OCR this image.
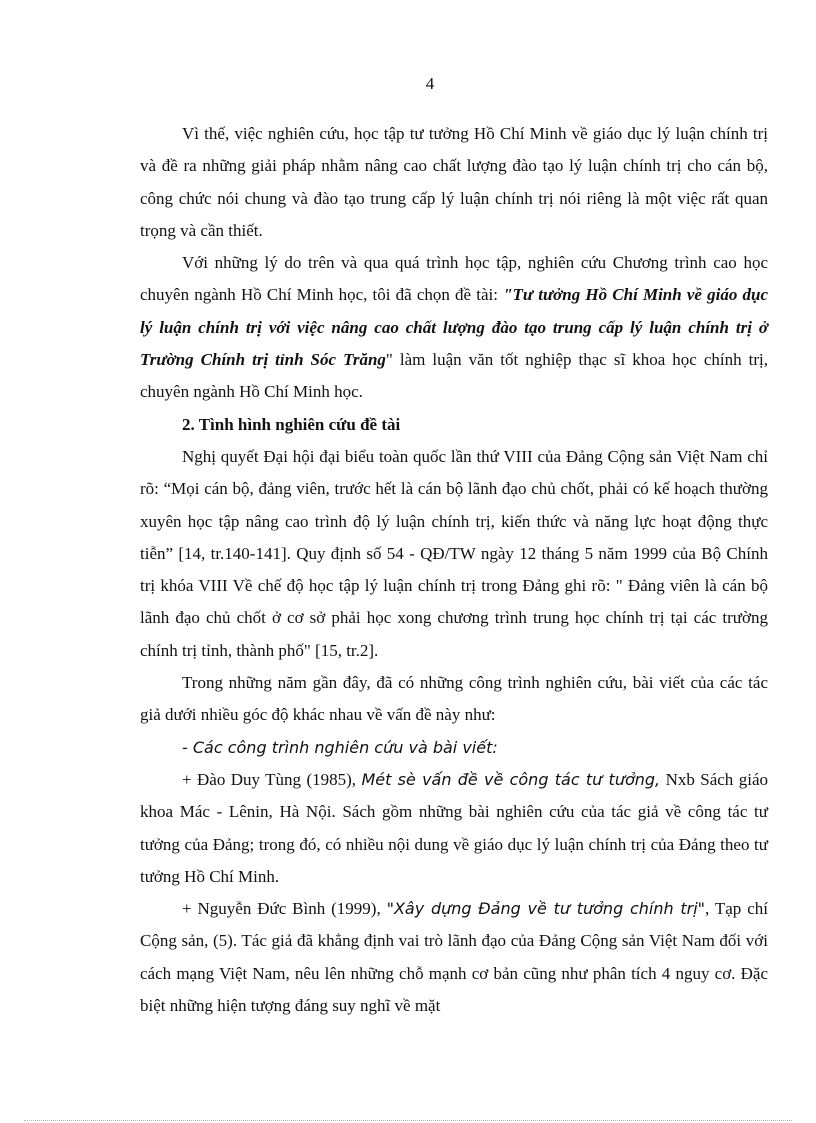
4

Vì thế, việc nghiên cứu, học tập tư tưởng Hồ Chí Minh về giáo dục lý luận chính trị và đề ra những giải pháp nhằm nâng cao chất lượng đào tạo lý luận chính trị cho cán bộ, công chức nói chung và đào tạo trung cấp lý luận chính trị nói riêng là một việc rất quan trọng và cần thiết.

Với những lý do trên và qua quá trình học tập, nghiên cứu Chương trình cao học chuyên ngành Hồ Chí Minh học, tôi đã chọn đề tài: "Tư tưởng Hồ Chí Minh về giáo dục lý luận chính trị với việc nâng cao chất lượng đào tạo trung cấp lý luận chính trị ở Trường Chính trị tỉnh Sóc Trăng" làm luận văn tốt nghiệp thạc sĩ khoa học chính trị, chuyên ngành Hồ Chí Minh học.

2. Tình hình nghiên cứu đề tài

Nghị quyết Đại hội đại biểu toàn quốc lần thứ VIII của Đảng Cộng sản Việt Nam chỉ rõ: “Mọi cán bộ, đảng viên, trước hết là cán bộ lãnh đạo chủ chốt, phải có kế hoạch thường xuyên học tập nâng cao trình độ lý luận chính trị, kiến thức và năng lực hoạt động thực tiễn” [14, tr.140-141]. Quy định số 54 - QĐ/TW ngày 12 tháng 5 năm 1999 của Bộ Chính trị khóa VIII Về chế độ học tập lý luận chính trị trong Đảng ghi rõ: " Đảng viên là cán bộ lãnh đạo chủ chốt ở cơ sở phải học xong chương trình trung học chính trị tại các trường chính trị tỉnh, thành phố" [15, tr.2].

Trong những năm gần đây, đã có những công trình nghiên cứu, bài viết của các tác giả dưới nhiều góc độ khác nhau về vấn đề này như:

- Các công trình nghiên cứu và bài viết:

+ Đào Duy Tùng (1985), Mét sè vấn đề về công tác tư tưởng, Nxb Sách giáo khoa Mác - Lênin, Hà Nội. Sách gồm những bài nghiên cứu của tác giả về công tác tư tưởng của Đảng; trong đó, có nhiều nội dung về giáo dục lý luận chính trị của Đảng theo tư tưởng Hồ Chí Minh.

+ Nguyễn Đức Bình (1999), "Xây dựng Đảng về tư tưởng chính trị", Tạp chí Cộng sản, (5). Tác giả đã khẳng định vai trò lãnh đạo của Đảng Cộng sản Việt Nam đối với cách mạng Việt Nam, nêu lên những chỗ mạnh cơ bản cũng như phân tích 4 nguy cơ. Đặc biệt những hiện tượng đáng suy nghĩ về mặt
